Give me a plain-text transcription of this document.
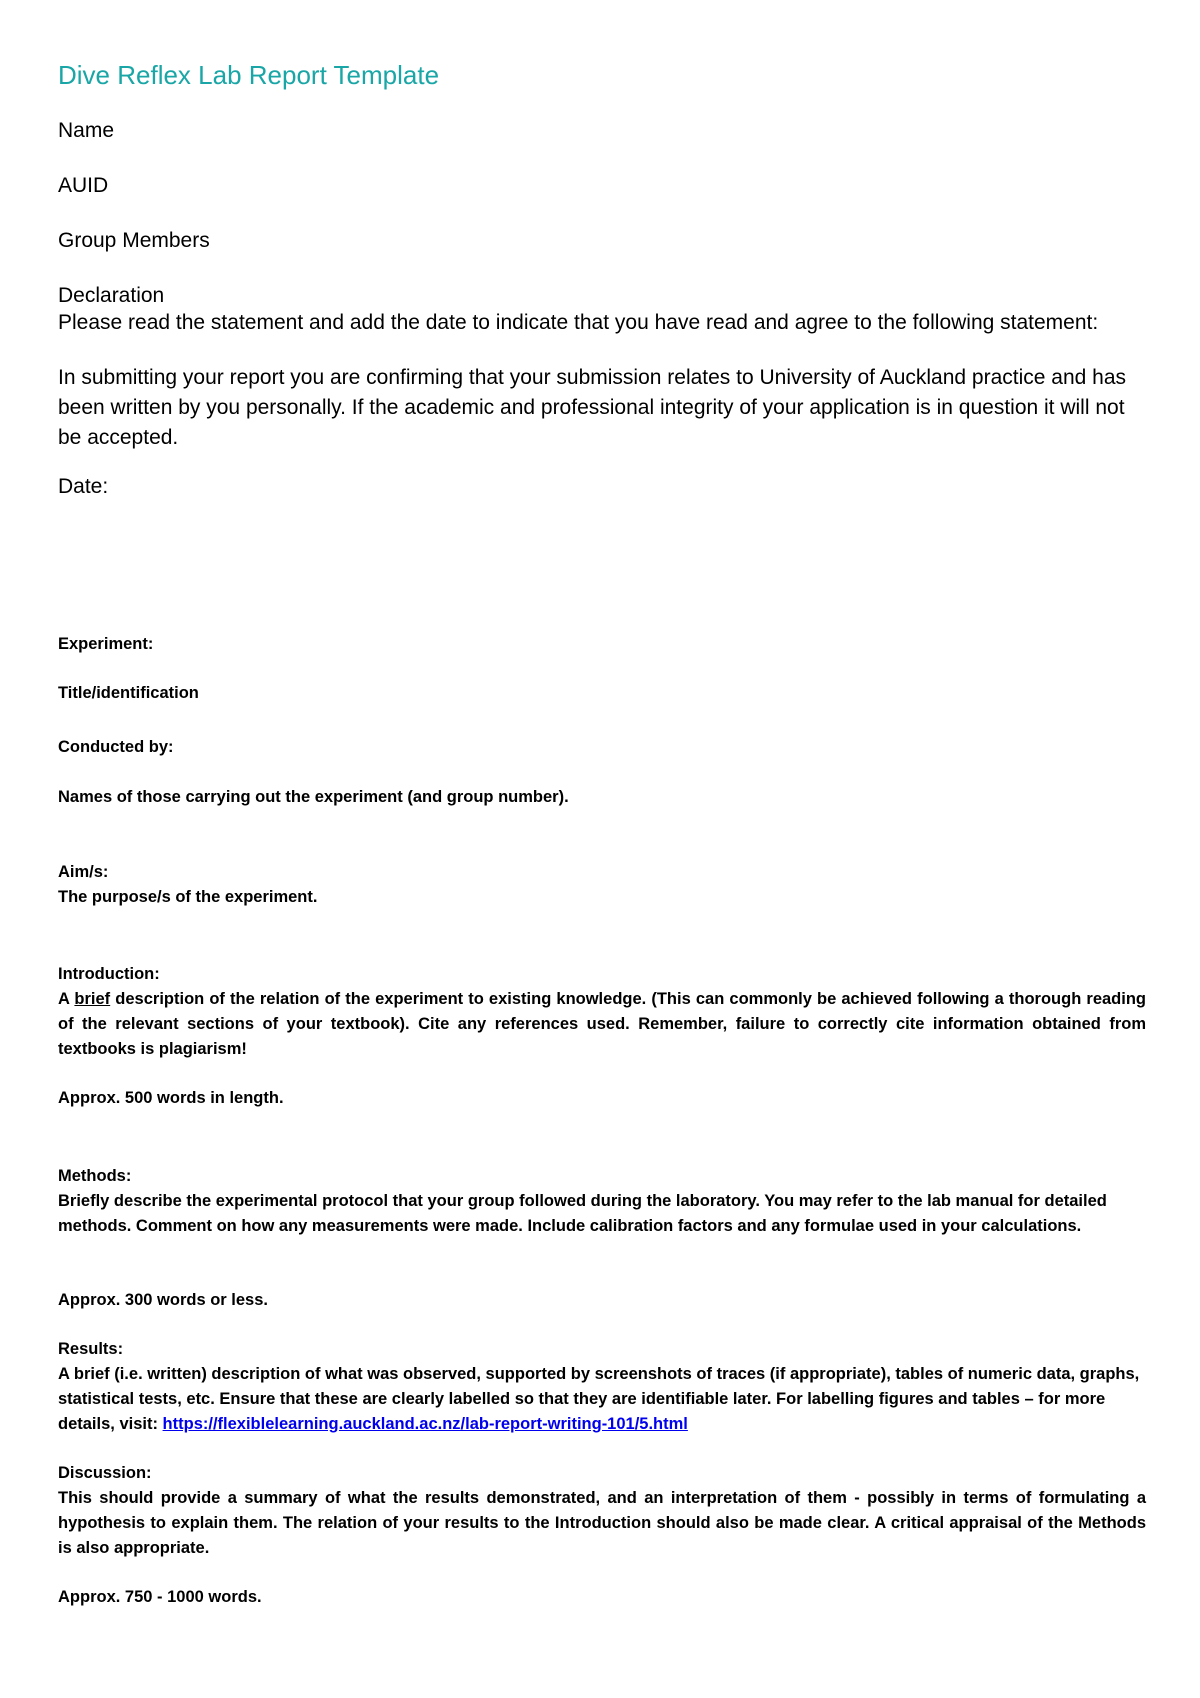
Dive Reflex Lab Report Template
Name
AUID
Group Members
Declaration
Please read the statement and add the date to indicate that you have read and agree to the following statement:
In submitting your report you are confirming that your submission relates to University of Auckland practice and has been written by you personally. If the academic and professional integrity of your application is in question it will not be accepted.
Date:
Experiment:
Title/identification
Conducted by:
Names of those carrying out the experiment (and group number).
Aim/s:
The purpose/s of the experiment.
Introduction:
A brief description of the relation of the experiment to existing knowledge. (This can commonly be achieved following a thorough reading of the relevant sections of your textbook). Cite any references used. Remember, failure to correctly cite information obtained from textbooks is plagiarism!
Approx. 500 words in length.
Methods:
Briefly describe the experimental protocol that your group followed during the laboratory. You may refer to the lab manual for detailed methods. Comment on how any measurements were made. Include calibration factors and any formulae used in your calculations.
Approx. 300 words or less.
Results:
A brief (i.e. written) description of what was observed, supported by screenshots of traces (if appropriate), tables of numeric data, graphs, statistical tests, etc. Ensure that these are clearly labelled so that they are identifiable later. For labelling figures and tables – for more details, visit: https://flexiblelearning.auckland.ac.nz/lab-report-writing-101/5.html
Discussion:
This should provide a summary of what the results demonstrated, and an interpretation of them - possibly in terms of formulating a hypothesis to explain them. The relation of your results to the Introduction should also be made clear. A critical appraisal of the Methods is also appropriate.
Approx. 750 - 1000 words.
